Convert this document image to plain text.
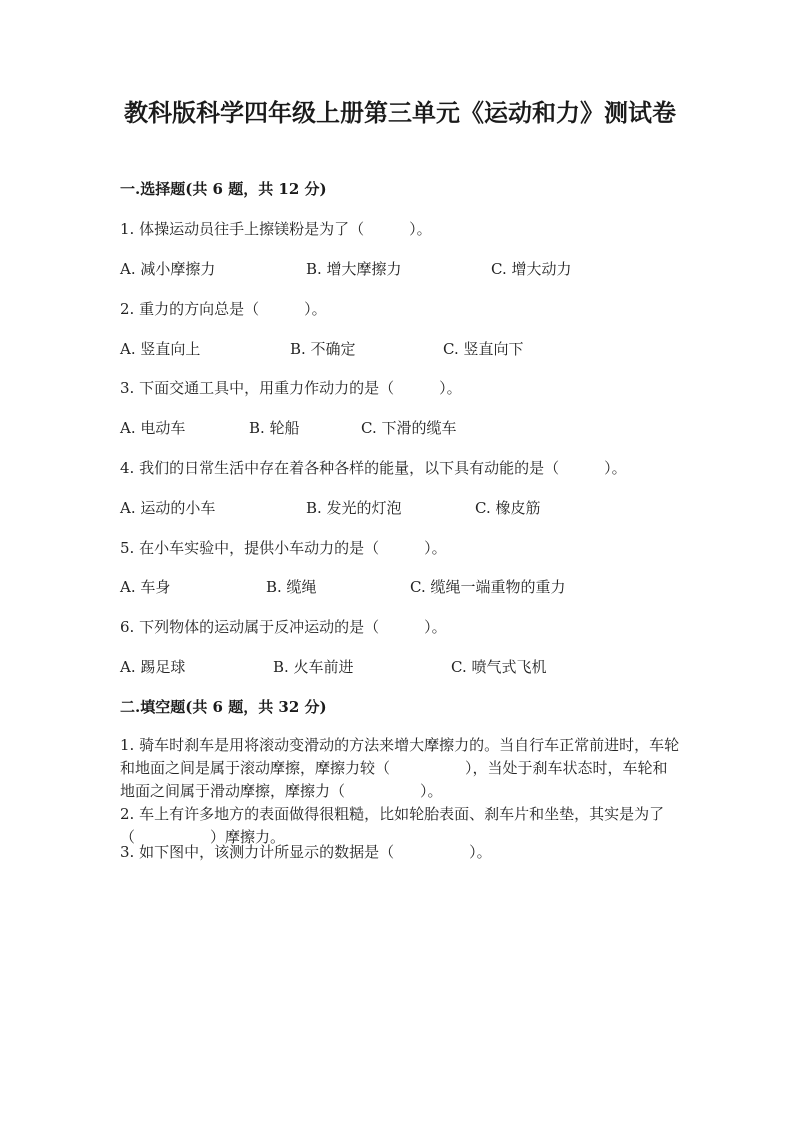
教科版科学四年级上册第三单元《运动和力》测试卷
一.选择题(共 6 题，共 12 分)
1. 体操运动员往手上擦镁粉是为了（　　　）。
A. 减小摩擦力	B. 增大摩擦力	C. 增大动力
2. 重力的方向总是（　　　）。
A. 竖直向上	B. 不确定	C. 竖直向下
3. 下面交通工具中，用重力作动力的是（　　　）。
A. 电动车	B. 轮船	C. 下滑的缆车
4. 我们的日常生活中存在着各种各样的能量，以下具有动能的是（　　　）。
A. 运动的小车	B. 发光的灯泡	C. 橡皮筋
5. 在小车实验中，提供小车动力的是（　　　）。
A. 车身	B. 缆绳	C. 缆绳一端重物的重力
6. 下列物体的运动属于反冲运动的是（　　　）。
A. 踢足球	B. 火车前进	C. 喷气式飞机
二.填空题(共 6 题，共 32 分)
1. 骑车时刹车是用将滚动变滑动的方法来增大摩擦力的。当自行车正常前进时，车轮和地面之间是属于滚动摩擦，摩擦力较（　　　　　），当处于刹车状态时，车轮和地面之间属于滑动摩擦，摩擦力（　　　　　）。
2. 车上有许多地方的表面做得很粗糙，比如轮胎表面、刹车片和坐垫，其实是为了（　　　　　）摩擦力。
3. 如下图中，该测力计所显示的数据是（　　　　　）。
